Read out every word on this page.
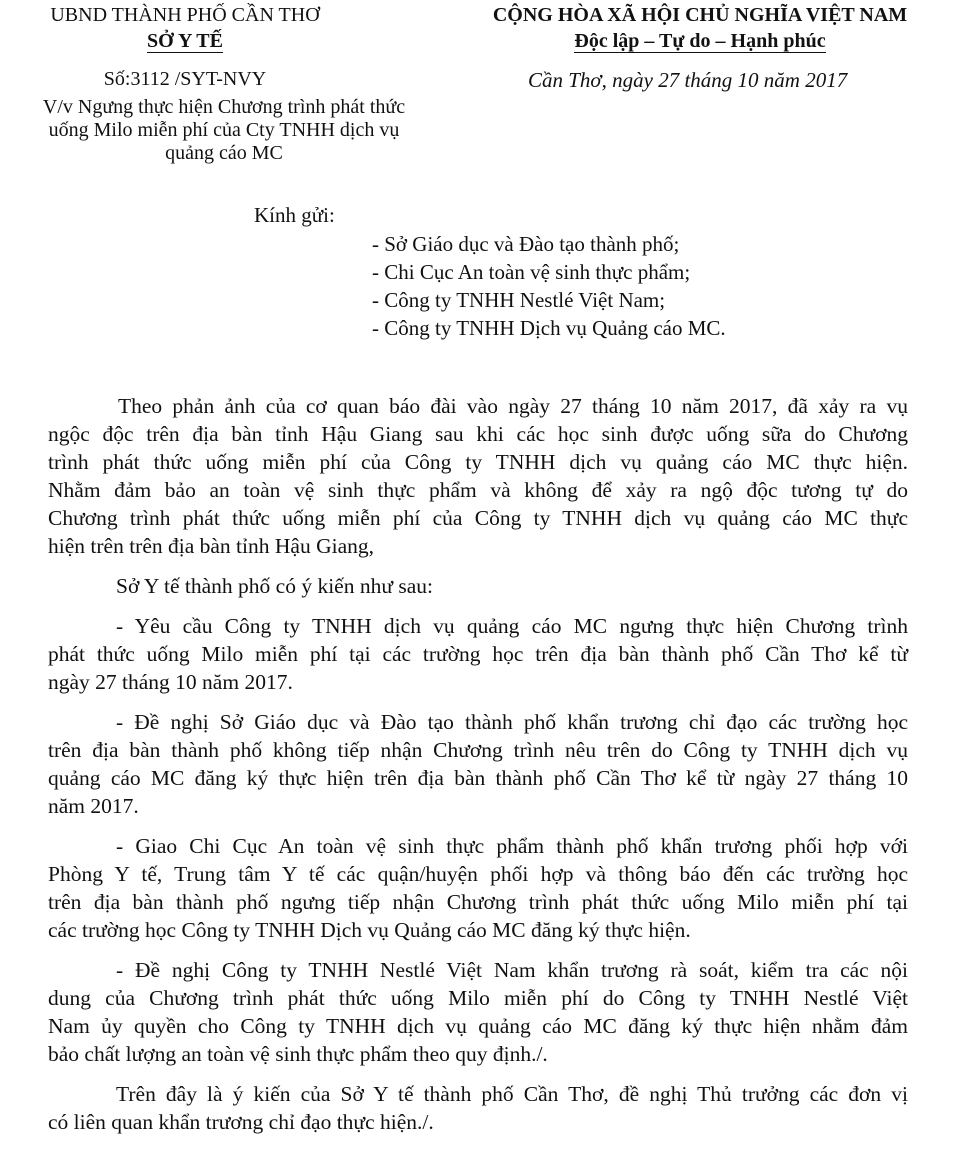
UBND THÀNH PHỐ CẦN THƠ
SỞ Y TẾ
CỘNG HÒA XÃ HỘI CHỦ NGHĨA VIỆT NAM
Độc lập – Tự do – Hạnh phúc
Số:3112 /SYT-NVY	Cần Thơ, ngày 27 tháng 10 năm 2017
V/v Ngưng thực hiện Chương trình phát thức
uống Milo miễn phí của Cty TNHH dịch vụ
quảng cáo MC
Kính gửi:
- Sở Giáo dục và Đào tạo thành phố;
- Chi Cục An toàn vệ sinh thực phẩm;
- Công ty TNHH Nestlé Việt Nam;
- Công ty TNHH Dịch vụ Quảng cáo MC.
Theo phản ảnh của cơ quan báo đài vào ngày 27 tháng 10 năm 2017, đã xảy ra vụ
ngộc độc trên địa bàn tỉnh Hậu Giang sau khi các học sinh được uống sữa do Chương
trình phát thức uống miễn phí của Công ty TNHH dịch vụ quảng cáo MC thực hiện.
Nhằm đảm bảo an toàn vệ sinh thực phẩm và không để xảy ra ngộ độc tương tự do
Chương trình phát thức uống miễn phí của Công ty TNHH dịch vụ quảng cáo MC thực
hiện trên trên địa bàn tỉnh Hậu Giang,
Sở Y tế thành phố có ý kiến như sau:
- Yêu cầu Công ty TNHH dịch vụ quảng cáo MC ngưng thực hiện Chương trình
phát thức uống Milo miễn phí tại các trường học trên địa bàn thành phố Cần Thơ kể từ
ngày 27 tháng 10 năm 2017.
- Đề nghị Sở Giáo dục và Đào tạo thành phố khẩn trương chỉ đạo các trường học
trên địa bàn thành phố không tiếp nhận Chương trình nêu trên do Công ty TNHH dịch vụ
quảng cáo MC đăng ký thực hiện trên địa bàn thành phố Cần Thơ kể từ ngày 27 tháng 10
năm 2017.
- Giao Chi Cục An toàn vệ sinh thực phẩm thành phố khẩn trương phối hợp với
Phòng Y tế, Trung tâm Y tế các quận/huyện phối hợp và thông báo đến các trường học
trên địa bàn thành phố ngưng tiếp nhận Chương trình phát thức uống Milo miễn phí tại
các trường học Công ty TNHH Dịch vụ Quảng cáo MC đăng ký thực hiện.
- Đề nghị Công ty TNHH Nestlé Việt Nam khẩn trương rà soát, kiểm tra các nội
dung của Chương trình phát thức uống Milo miễn phí do Công ty TNHH Nestlé Việt
Nam ủy quyền cho Công ty TNHH dịch vụ quảng cáo MC đăng ký thực hiện nhằm đảm
bảo chất lượng an toàn vệ sinh thực phẩm theo quy định./.
Trên đây là ý kiến của Sở Y tế thành phố Cần Thơ, đề nghị Thủ trưởng các đơn vị
có liên quan khẩn trương chỉ đạo thực hiện./.
